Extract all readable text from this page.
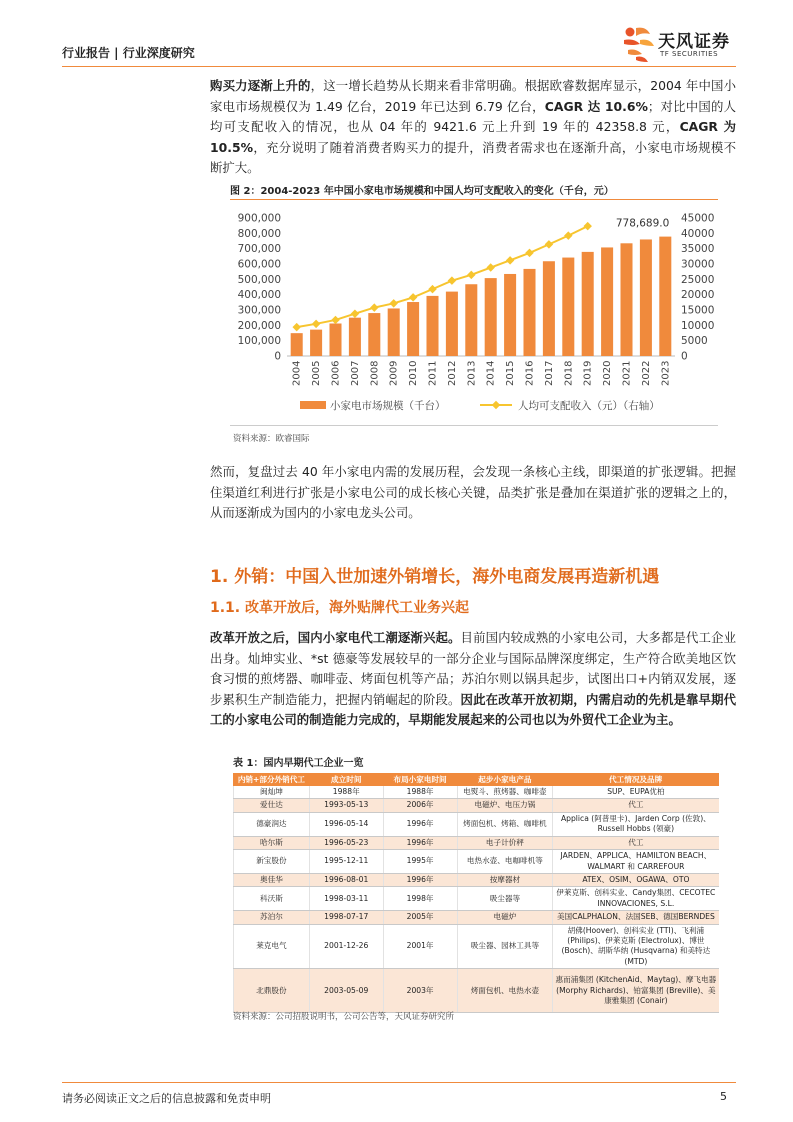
行业报告 | 行业深度研究
天风证券
TF SECURITIES
购买力逐渐上升的，这一增长趋势从长期来看非常明确。根据欧睿数据库显示，2004 年中国小家电市场规模仅为 1.49 亿台，2019 年已达到 6.79 亿台，CAGR 达 10.6%；对比中国的人均可支配收入的情况，也从 04 年的 9421.6 元上升到 19 年的 42358.8 元，CAGR 为 10.5%，充分说明了随着消费者购买力的提升，消费者需求也在逐渐升高，小家电市场规模不断扩大。
图 2：2004-2023 年中国小家电市场规模和中国人均可支配收入的变化（千台，元）
0
100,000
200,000
300,000
400,000
500,000
600,000
700,000
800,000
900,000
0
5000
10000
15000
20000
25000
30000
35000
40000
45000
2004 2005 2006 2007 2008 2009 2010 2011 2012 2013 2014 2015 2016 2017 2018 2019 2020 2021 2022 2023
778,689.0
小家电市场规模（千台）	人均可支配收入（元）（右轴）
资料来源：欧睿国际
然而，复盘过去 40 年小家电内需的发展历程，会发现一条核心主线，即渠道的扩张逻辑。把握住渠道红利进行扩张是小家电公司的成长核心关键，品类扩张是叠加在渠道扩张的逻辑之上的，从而逐渐成为国内的小家电龙头公司。
1. 外销：中国入世加速外销增长，海外电商发展再造新机遇
1.1. 改革开放后，海外贴牌代工业务兴起
改革开放之后，国内小家电代工潮逐渐兴起。目前国内较成熟的小家电公司，大多都是代工企业出身。灿坤实业、*st 德豪等发展较早的一部分企业与国际品牌深度绑定，生产符合欧美地区饮食习惯的煎烤器、咖啡壶、烤面包机等产品；苏泊尔则以锅具起步，试图出口+内销双发展，逐步累积生产制造能力，把握内销崛起的阶段。因此在改革开放初期，内需启动的先机是靠早期代工的小家电公司的制造能力完成的，早期能发展起来的公司也以为外贸代工企业为主。
表 1：国内早期代工企业一览
内销+部分外销代工	成立时间	布局小家电时间	起步小家电产品	代工情况及品牌
闽灿坤	1988年	1988年	电熨斗、煎烤器、咖啡壶	SUP、EUPA优柏
爱仕达	1993-05-13	2006年	电磁炉、电压力锅	代工
德豪润达	1996-05-14	1996年	烤面包机、烤箱、咖啡机	Applica (阿普里卡)、Jarden Corp (佐敦)、Russell Hobbs (领豪)
哈尔斯	1996-05-23	1996年	电子计价秤	代工
新宝股份	1995-12-11	1995年	电热水壶、电咖啡机等	JARDEN、APPLICA、HAMILTON BEACH、WALMART 和 CARREFOUR
奥佳华	1996-08-01	1996年	按摩器材	ATEX、OSIM、OGAWA、OTO
科沃斯	1998-03-11	1998年	吸尘器等	伊莱克斯、创科实业、Candy集团、CECOTEC INNOVACIONES, S.L.
苏泊尔	1998-07-17	2005年	电磁炉	美国CALPHALON、法国SEB、德国BERNDES
莱克电气	2001-12-26	2001年	吸尘器、园林工具等	胡佛(Hoover)、创科实业 (TTI)、飞利浦 (Philips)、伊莱克斯 (Electrolux)、博世 (Bosch)、胡斯华纳 (Husqvarna) 和美特达 (MTD)
北鼎股份	2003-05-09	2003年	烤面包机、电热水壶	惠而浦集团 (KitchenAid、Maytag)、摩飞电器 (Morphy Richards)、铂富集团 (Breville)、美康雅集团 (Conair)
资料来源：公司招股说明书，公司公告等，天风证券研究所
请务必阅读正文之后的信息披露和免责申明	5
